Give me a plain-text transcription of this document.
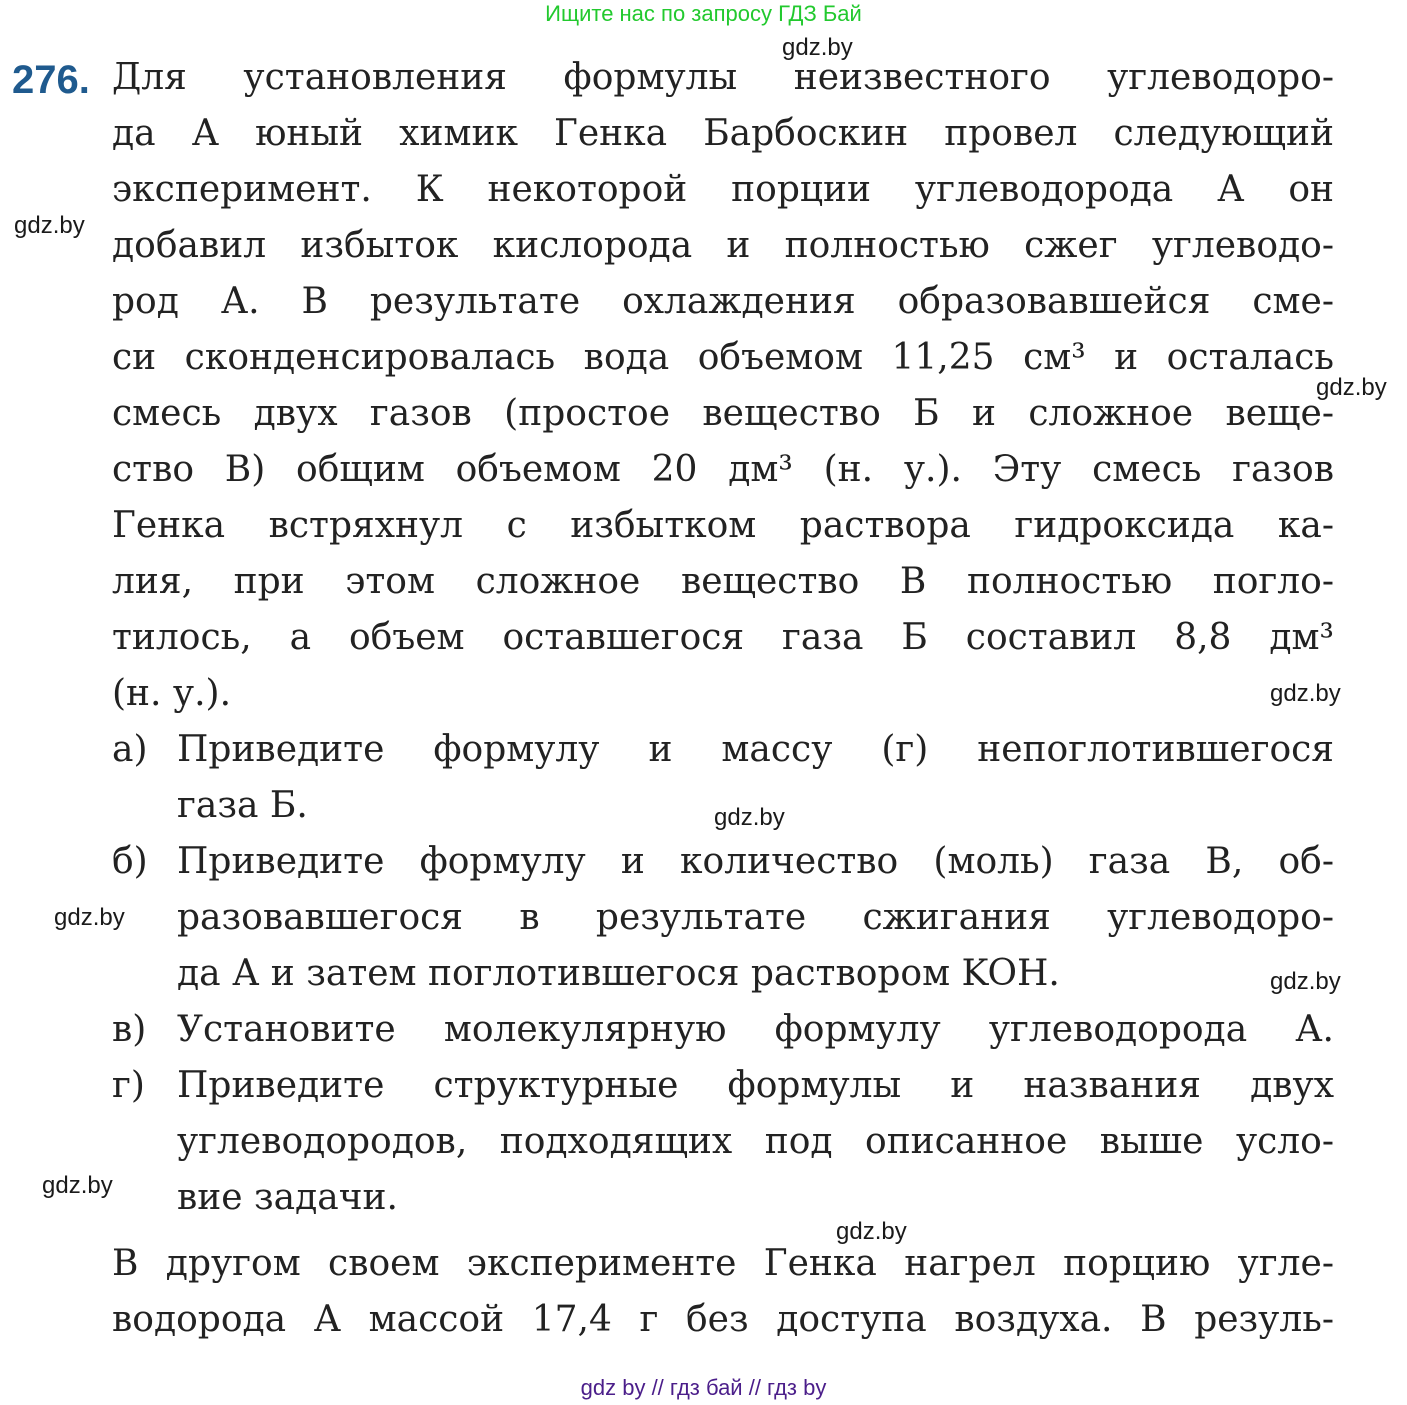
Ищите нас по запросу ГДЗ Бай
gdz.by
gdz.by
gdz.by
gdz.by
gdz.by
gdz.by
gdz.by
gdz.by
gdz.by
276. Для установления формулы неизвестного углеводоро-
да А юный химик Генка Барбоскин провел следующий
эксперимент. К некоторой порции углеводорода А он
добавил избыток кислорода и полностью сжег углеводо-
род А. В результате охлаждения образовавшейся сме-
си сконденсировалась вода объемом 11,25 см³ и осталась
смесь двух газов (простое вещество Б и сложное веще-
ство В) общим объемом 20 дм³ (н. у.). Эту смесь газов
Генка встряхнул с избытком раствора гидроксида ка-
лия, при этом сложное вещество В полностью погло-
тилось, а объем оставшегося газа Б составил 8,8 дм³
(н. у.).
а) Приведите формулу и массу (г) непоглотившегося
газа Б.
б) Приведите формулу и количество (моль) газа В, об-
разовавшегося в результате сжигания углеводоро-
да А и затем поглотившегося раствором KOH.
в) Установите молекулярную формулу углеводорода А.
г) Приведите структурные формулы и названия двух
углеводородов, подходящих под описанное выше усло-
вие задачи.
В другом своем эксперименте Генка нагрел порцию угле-
водорода А массой 17,4 г без доступа воздуха. В резуль-
gdz by // гдз бай // гдз by
